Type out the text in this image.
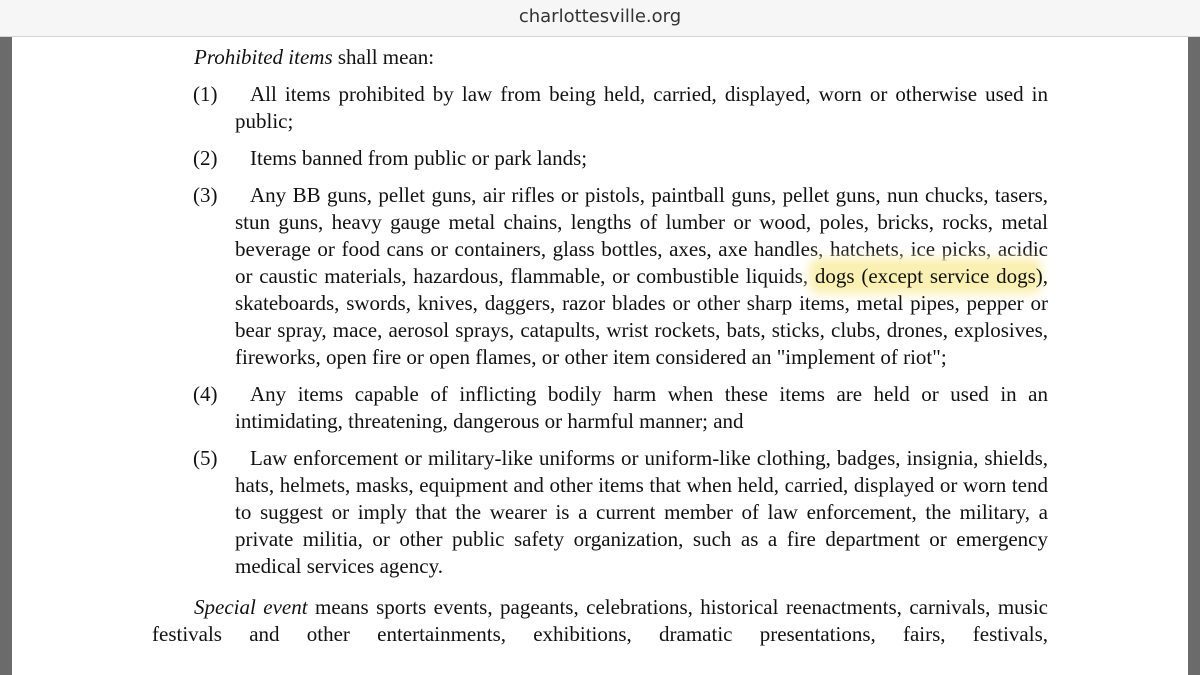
charlottesville.org

Prohibited items shall mean:

(1)	All items prohibited by law from being held, carried, displayed, worn or otherwise used in public;
(2)	Items banned from public or park lands;
(3)	Any BB guns, pellet guns, air rifles or pistols, paintball guns, pellet guns, nun chucks, tasers, stun guns, heavy gauge metal chains, lengths of lumber or wood, poles, bricks, rocks, metal beverage or food cans or containers, glass bottles, axes, axe handles, hatchets, ice picks, acidic or caustic materials, hazardous, flammable, or combustible liquids, dogs (except service dogs), skateboards, swords, knives, daggers, razor blades or other sharp items, metal pipes, pepper or bear spray, mace, aerosol sprays, catapults, wrist rockets, bats, sticks, clubs, drones, explosives, fireworks, open fire or open flames, or other item considered an "implement of riot";
(4)	Any items capable of inflicting bodily harm when these items are held or used in an intimidating, threatening, dangerous or harmful manner; and
(5)	Law enforcement or military-like uniforms or uniform-like clothing, badges, insignia, shields, hats, helmets, masks, equipment and other items that when held, carried, displayed or worn tend to suggest or imply that the wearer is a current member of law enforcement, the military, a private militia, or other public safety organization, such as a fire department or emergency medical services agency.

Special event means sports events, pageants, celebrations, historical reenactments, carnivals, music festivals and other entertainments, exhibitions, dramatic presentations, fairs, festivals,
